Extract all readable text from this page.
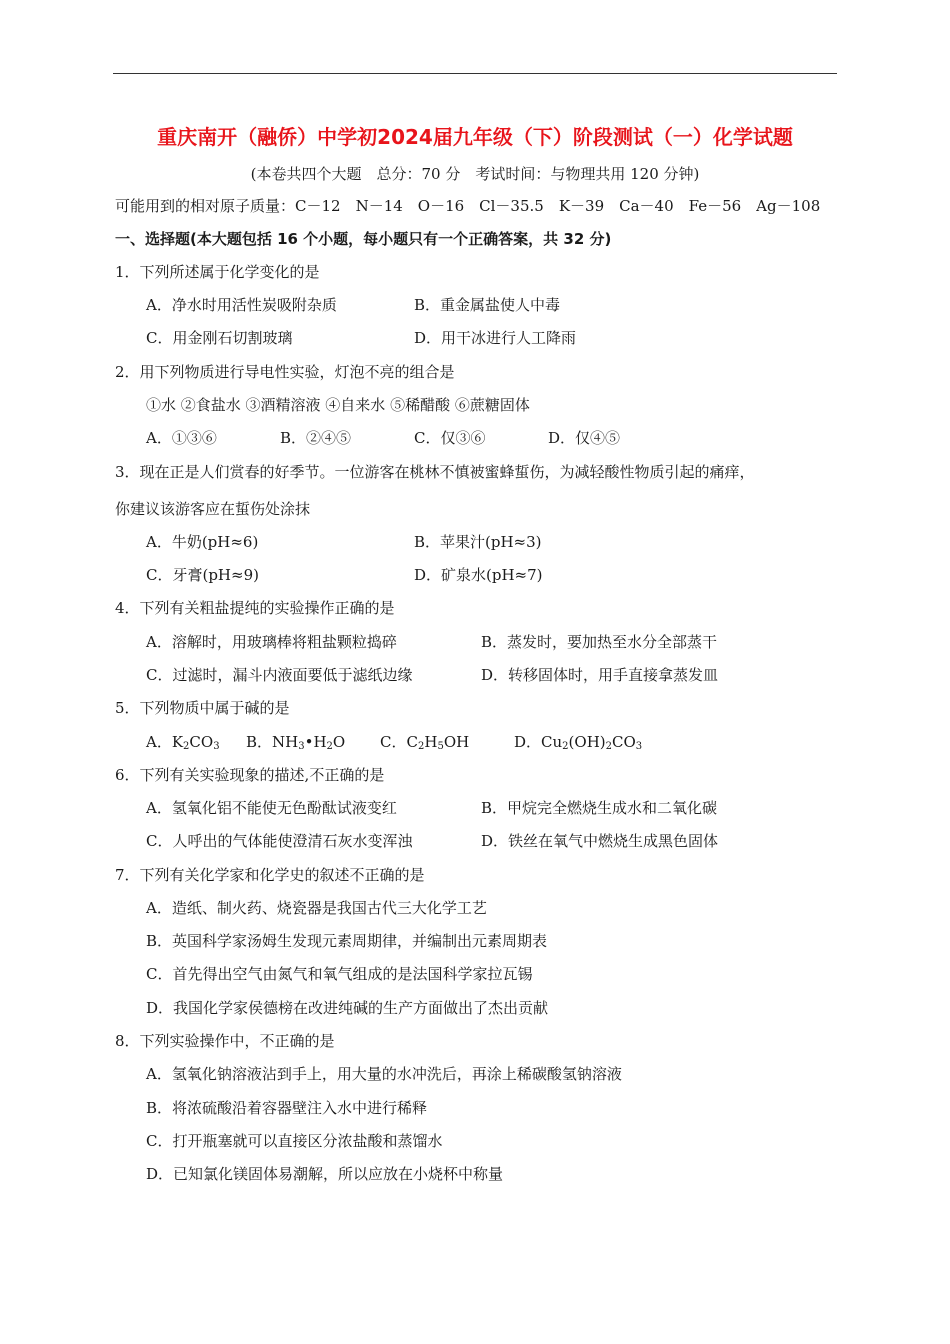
重庆南开（融侨）中学初2024届九年级（下）阶段测试（一）化学试题
(本卷共四个大题　总分：70 分　考试时间：与物理共用 120 分钟)
可能用到的相对原子质量：C－12　N－14　O－16　Cl－35.5　K－39　Ca－40　Fe－56　Ag－108
一、选择题(本大题包括 16 个小题，每小题只有一个正确答案，共 32 分)
1．下列所述属于化学变化的是
A．净水时用活性炭吸附杂质	B．重金属盐使人中毒
C．用金刚石切割玻璃	D．用干冰进行人工降雨
2．用下列物质进行导电性实验，灯泡不亮的组合是
①水 ②食盐水 ③酒精溶液 ④自来水 ⑤稀醋酸 ⑥蔗糖固体
A．①③⑥	B．②④⑤	C．仅③⑥	D．仅④⑤
3．现在正是人们赏春的好季节。一位游客在桃林不慎被蜜蜂蜇伤，为减轻酸性物质引起的痛痒，
你建议该游客应在蜇伤处涂抹
A．牛奶(pH≈6)	B．苹果汁(pH≈3)
C．牙膏(pH≈9)	D．矿泉水(pH≈7)
4．下列有关粗盐提纯的实验操作正确的是
A．溶解时，用玻璃棒将粗盐颗粒捣碎	B．蒸发时，要加热至水分全部蒸干
C．过滤时，漏斗内液面要低于滤纸边缘	D．转移固体时，用手直接拿蒸发皿
5．下列物质中属于碱的是
A．$K_2CO_3$ B．$NH_3•H_2O$ C．$C_2H_5OH$	D．$Cu_2(OH)_2CO_3$
6．下列有关实验现象的描述,不正确的是
A．氢氧化铝不能使无色酚酞试液变红	B．甲烷完全燃烧生成水和二氧化碳
C．人呼出的气体能使澄清石灰水变浑浊	D．铁丝在氧气中燃烧生成黑色固体
7．下列有关化学家和化学史的叙述不正确的是
A．造纸、制火药、烧瓷器是我国古代三大化学工艺
B．英国科学家汤姆生发现元素周期律，并编制出元素周期表
C．首先得出空气由氮气和氧气组成的是法国科学家拉瓦锡
D．我国化学家侯德榜在改进纯碱的生产方面做出了杰出贡献
8．下列实验操作中，不正确的是
A．氢氧化钠溶液沾到手上，用大量的水冲洗后，再涂上稀碳酸氢钠溶液
B．将浓硫酸沿着容器壁注入水中进行稀释
C．打开瓶塞就可以直接区分浓盐酸和蒸馏水
D．已知氯化镁固体易潮解，所以应放在小烧杯中称量
